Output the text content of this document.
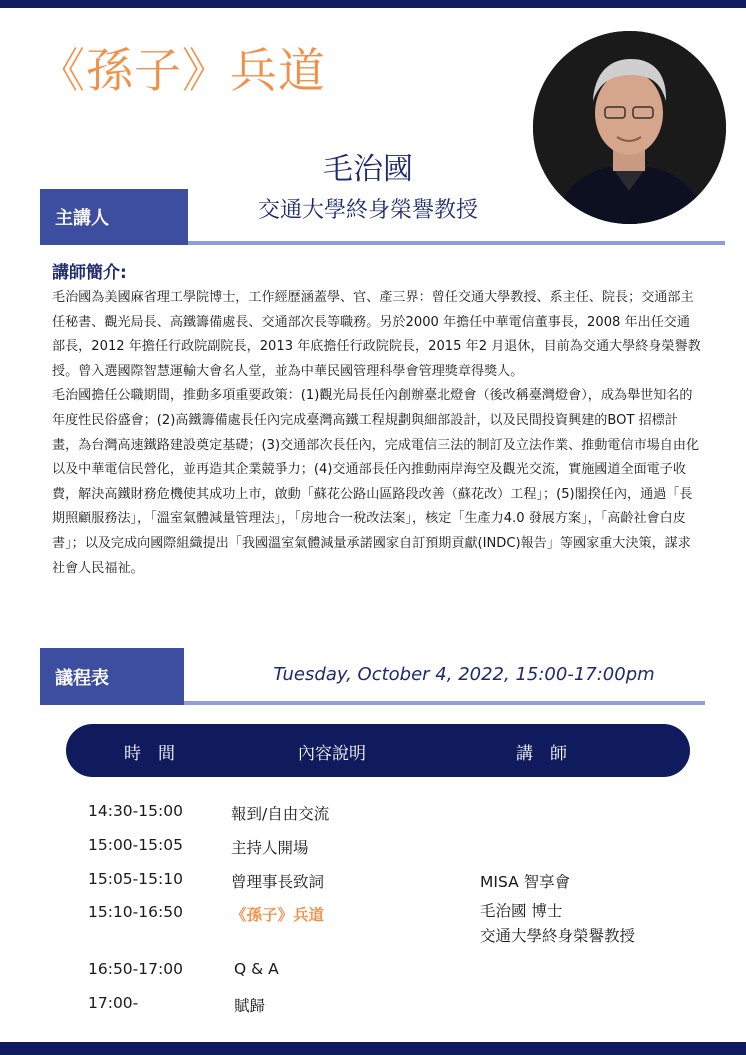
《孫子》兵道
毛治國
交通大學終身榮譽教授
主講人
講師簡介:

毛治國為美國麻省理工學院博士，工作經歷涵蓋學、官、產三界：曾任交通大學教授、系主任、院長；交通部主任秘書、觀光局長、高鐵籌備處長、交通部次長等職務。另於2000 年擔任中華電信董事長，2008 年出任交通部長，2012 年擔任行政院副院長，2013 年底擔任行政院院長，2015 年2 月退休，目前為交通大學終身榮譽教授。曾入選國際智慧運輸大會名人堂，並為中華民國管理科學會管理獎章得獎人。

毛治國擔任公職期間，推動多項重要政策：(1)觀光局長任內創辦臺北燈會（後改稱臺灣燈會），成為舉世知名的年度性民俗盛會；(2)高鐵籌備處長任內完成臺灣高鐵工程規劃與細部設計，以及民間投資興建的BOT 招標計畫，為台灣高速鐵路建設奠定基礎；(3)交通部次長任內，完成電信三法的制訂及立法作業、推動電信市場自由化以及中華電信民營化，並再造其企業競爭力；(4)交通部長任內推動兩岸海空及觀光交流，實施國道全面電子收費，解決高鐵財務危機使其成功上市，啟動「蘇花公路山區路段改善（蘇花改）工程」；(5)閣揆任內，通過「長期照顧服務法」，「溫室氣體減量管理法」，「房地合一稅改法案」，核定「生產力4.0 發展方案」，「高齡社會白皮書」；以及完成向國際組織提出「我國溫室氣體減量承諾國家自訂預期貢獻(INDC)報告」等國家重大決策，謀求社會人民福祉。

議程表	Tuesday, October 4, 2022, 15:00-17:00pm
時　間	內容說明	講　師
14:30-15:00	報到/自由交流
15:00-15:05	主持人開場
15:05-15:10	曾理事長致詞	MISA 智享會
15:10-16:50	《孫子》兵道	毛治國 博士
交通大學終身榮譽教授
16:50-17:00	Q & A
17:00-	賦歸
